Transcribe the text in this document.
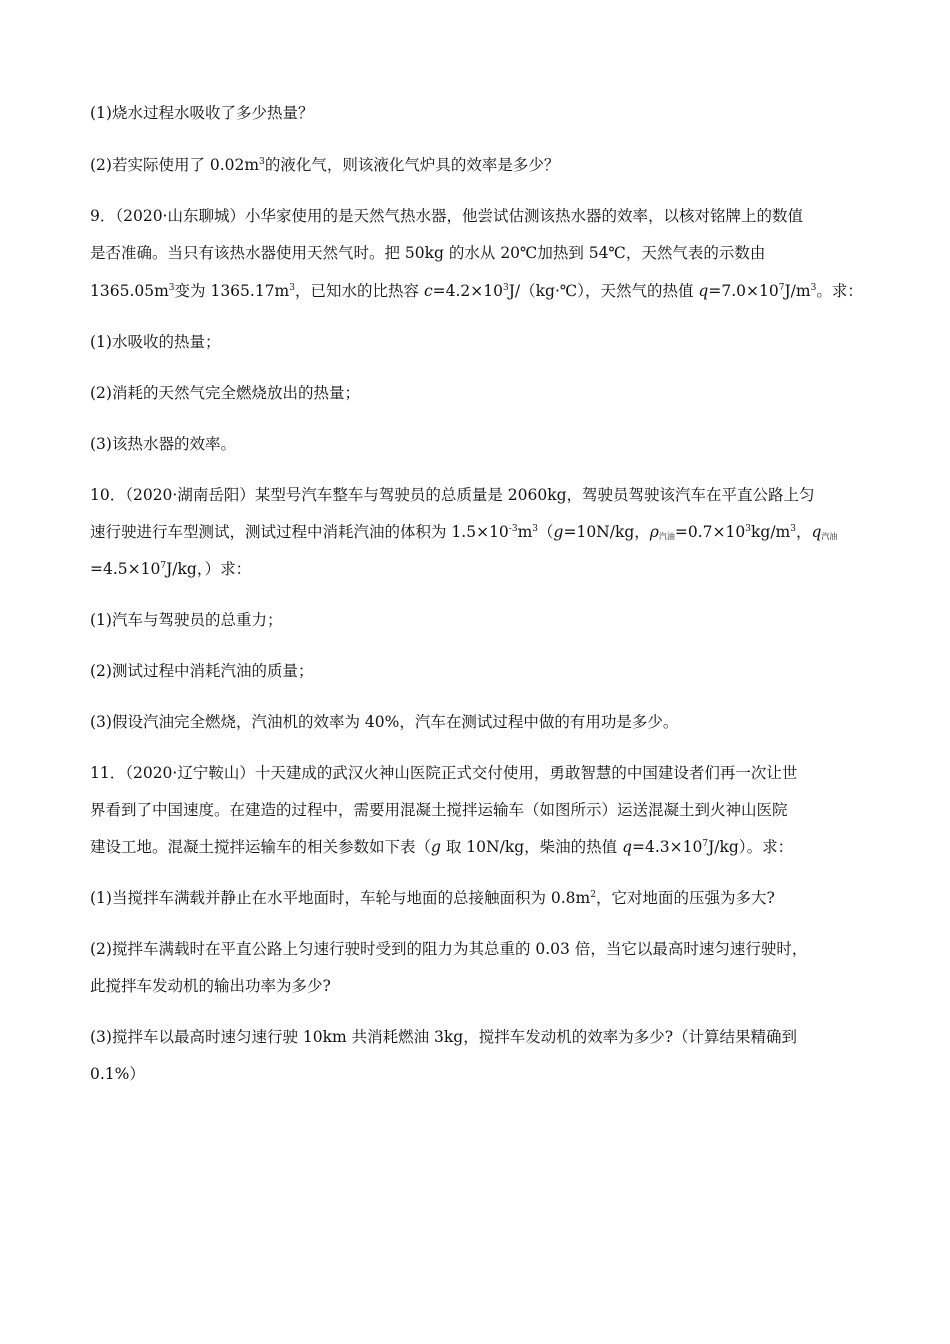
(1)烧水过程水吸收了多少热量？
(2)若实际使用了 $0.02m^3$的液化气，则该液化气炉具的效率是多少？
9．（2020·山东聊城）小华家使用的是天然气热水器，他尝试估测该热水器的效率，以核对铭牌上的数值
是否准确。当只有该热水器使用天然气时。把 50kg 的水从 20℃加热到 54℃，天然气表的示数由
$1365.05m^3$变为 $1365.17m^3$，已知水的比热容 $c=4.2\times 10^3J/(kg\cdot℃)$，天然气的热值 $q=7.0\times 10^7J/m^3$。求：
(1)水吸收的热量；
(2)消耗的天然气完全燃烧放出的热量；
(3)该热水器的效率。
10．（2020·湖南岳阳）某型号汽车整车与驾驶员的总质量是 2060kg，驾驶员驾驶该汽车在平直公路上匀
速行驶进行车型测试，测试过程中消耗汽油的体积为 $1.5\times 10^{-3}m^3(g=10N/kg$，$\rho_{汽油}=0.7\times 10^3kg/m^3$，$q_{汽油}$
$=4.5\times 10^7J/kg$，）求：
(1)汽车与驾驶员的总重力；
(2)测试过程中消耗汽油的质量；
(3)假设汽油完全燃烧，汽油机的效率为 40%，汽车在测试过程中做的有用功是多少。
11．（2020·辽宁鞍山）十天建成的武汉火神山医院正式交付使用，勇敢智慧的中国建设者们再一次让世
界看到了中国速度。在建造的过程中，需要用混凝土搅拌运输车（如图所示）运送混凝土到火神山医院
建设工地。混凝土搅拌运输车的相关参数如下表（g 取 10N/kg，柴油的热值 $q=4.3\times 10^7J/kg$）。求：
(1)当搅拌车满载并静止在水平地面时，车轮与地面的总接触面积为 $0.8m^2$，它对地面的压强为多大?
(2)搅拌车满载时在平直公路上匀速行驶时受到的阻力为其总重的 0.03 倍，当它以最高时速匀速行驶时，
此搅拌车发动机的输出功率为多少?
(3)搅拌车以最高时速匀速行驶 10km 共消耗燃油 3kg，搅拌车发动机的效率为多少?（计算结果精确到
0.1%）
